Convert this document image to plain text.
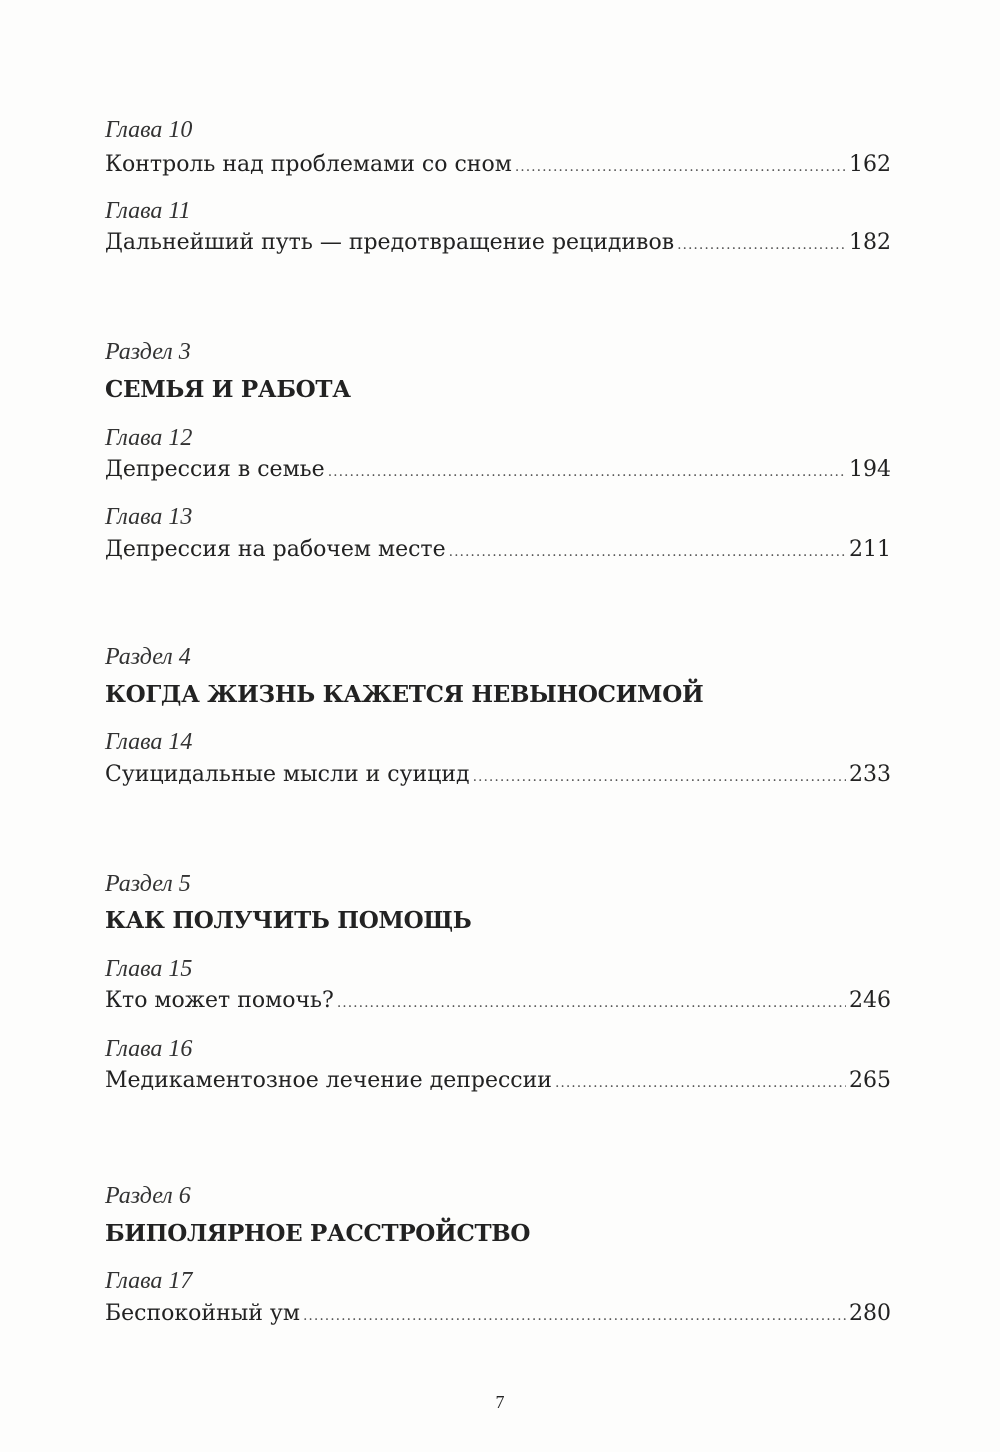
Глава 10
Контроль над проблемами со сном .....	162
Глава 11
Дальнейший путь — предотвращение рецидивов .....	182
Раздел 3
СЕМЬЯ И РАБОТА
Глава 12
Депрессия в семье .....	194
Глава 13
Депрессия на рабочем месте .....	211
Раздел 4
КОГДА ЖИЗНЬ КАЖЕТСЯ НЕВЫНОСИМОЙ
Глава 14
Суицидальные мысли и суицид .....	233
Раздел 5
КАК ПОЛУЧИТЬ ПОМОЩЬ
Глава 15
Кто может помочь? .....	246
Глава 16
Медикаментозное лечение депрессии .....	265
Раздел 6
БИПОЛЯРНОЕ РАССТРОЙСТВО
Глава 17
Беспокойный ум .....	280
7
